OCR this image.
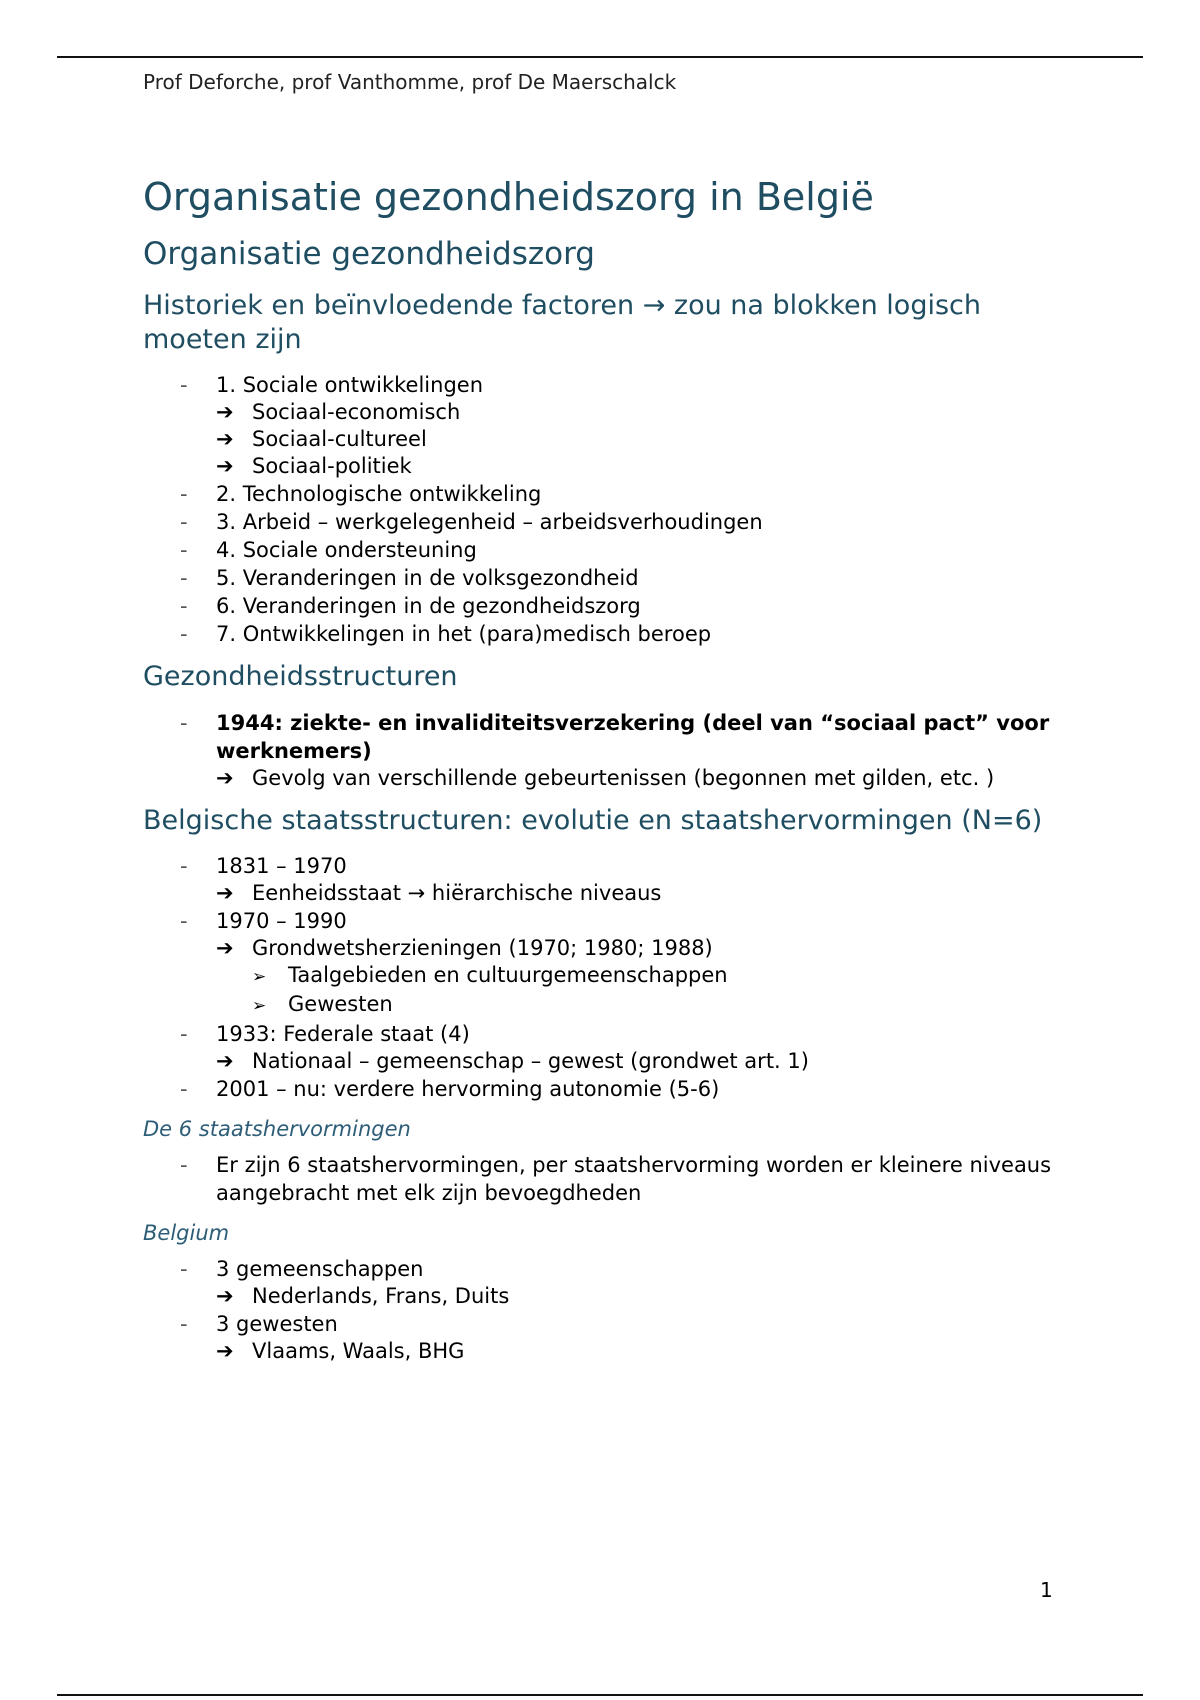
Prof Deforche, prof Vanthomme, prof De Maerschalck
Organisatie gezondheidszorg in België
Organisatie gezondheidszorg
Historiek en beïnvloedende factoren → zou na blokken logisch moeten zijn
- 1. Sociale ontwikkelingen
➔ Sociaal-economisch
➔ Sociaal-cultureel
➔ Sociaal-politiek
- 2. Technologische ontwikkeling
- 3. Arbeid – werkgelegenheid – arbeidsverhoudingen
- 4. Sociale ondersteuning
- 5. Veranderingen in de volksgezondheid
- 6. Veranderingen in de gezondheidszorg
- 7. Ontwikkelingen in het (para)medisch beroep
Gezondheidsstructuren
- 1944: ziekte- en invaliditeitsverzekering (deel van “sociaal pact” voor werknemers)
➔ Gevolg van verschillende gebeurtenissen (begonnen met gilden, etc. )
Belgische staatsstructuren: evolutie en staatshervormingen (N=6)
- 1831 – 1970
➔ Eenheidsstaat → hiërarchische niveaus
- 1970 – 1990
➔ Grondwetsherzieningen (1970; 1980; 1988)
➢	Taalgebieden en cultuurgemeenschappen
➢	Gewesten
- 1933: Federale staat (4)
➔ Nationaal – gemeenschap – gewest (grondwet art. 1)
- 2001 – nu: verdere hervorming autonomie (5-6)
De 6 staatshervormingen
- Er zijn 6 staatshervormingen, per staatshervorming worden er kleinere niveaus aangebracht met elk zijn bevoegdheden
Belgium
- 3 gemeenschappen
➔ Nederlands, Frans, Duits
- 3 gewesten
➔ Vlaams, Waals, BHG
1
